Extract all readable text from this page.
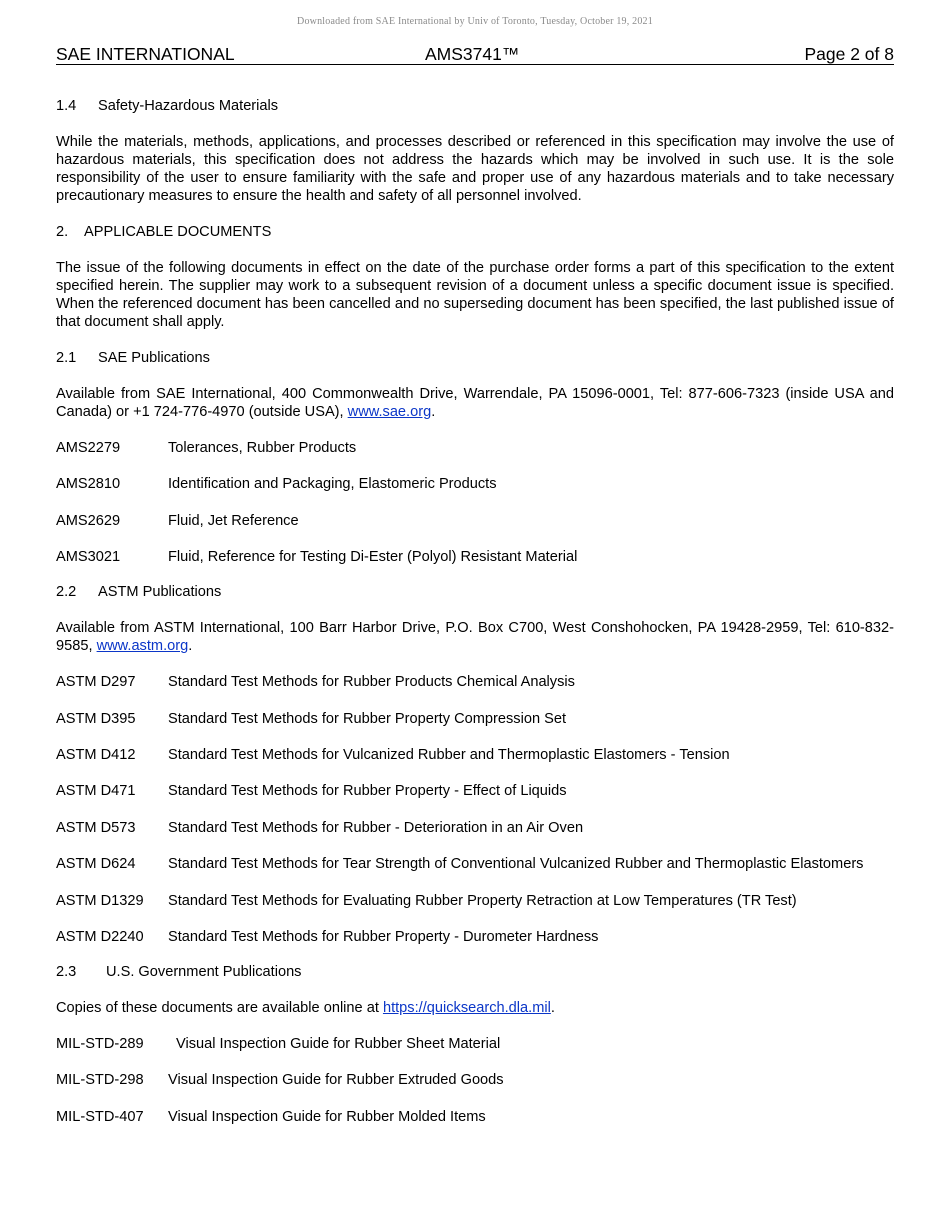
Downloaded from SAE International by Univ of Toronto, Tuesday, October 19, 2021
SAE INTERNATIONAL	AMS3741™	Page 2 of 8
1.4 Safety-Hazardous Materials

While the materials, methods, applications, and processes described or referenced in this specification may involve the use of hazardous materials, this specification does not address the hazards which may be involved in such use. It is the sole responsibility of the user to ensure familiarity with the safe and proper use of any hazardous materials and to take necessary precautionary measures to ensure the health and safety of all personnel involved.

2. APPLICABLE DOCUMENTS

The issue of the following documents in effect on the date of the purchase order forms a part of this specification to the extent specified herein. The supplier may work to a subsequent revision of a document unless a specific document issue is specified. When the referenced document has been cancelled and no superseding document has been specified, the last published issue of that document shall apply.

2.1 SAE Publications

Available from SAE International, 400 Commonwealth Drive, Warrendale, PA 15096-0001, Tel: 877-606-7323 (inside USA and Canada) or +1 724-776-4970 (outside USA), www.sae.org.

AMS2279	Tolerances, Rubber Products
AMS2810	Identification and Packaging, Elastomeric Products
AMS2629	Fluid, Jet Reference
AMS3021	Fluid, Reference for Testing Di-Ester (Polyol) Resistant Material
2.2 ASTM Publications

Available from ASTM International, 100 Barr Harbor Drive, P.O. Box C700, West Conshohocken, PA 19428-2959, Tel: 610-832-9585, www.astm.org.

ASTM D297	Standard Test Methods for Rubber Products Chemical Analysis
ASTM D395	Standard Test Methods for Rubber Property Compression Set
ASTM D412	Standard Test Methods for Vulcanized Rubber and Thermoplastic Elastomers - Tension
ASTM D471	Standard Test Methods for Rubber Property - Effect of Liquids
ASTM D573	Standard Test Methods for Rubber - Deterioration in an Air Oven
ASTM D624	Standard Test Methods for Tear Strength of Conventional Vulcanized Rubber and Thermoplastic Elastomers
ASTM D1329	Standard Test Methods for Evaluating Rubber Property Retraction at Low Temperatures (TR Test)
ASTM D2240	Standard Test Methods for Rubber Property - Durometer Hardness
2.3 U.S. Government Publications

Copies of these documents are available online at https://quicksearch.dla.mil.

MIL-STD-289	Visual Inspection Guide for Rubber Sheet Material
MIL-STD-298	Visual Inspection Guide for Rubber Extruded Goods
MIL-STD-407	Visual Inspection Guide for Rubber Molded Items
